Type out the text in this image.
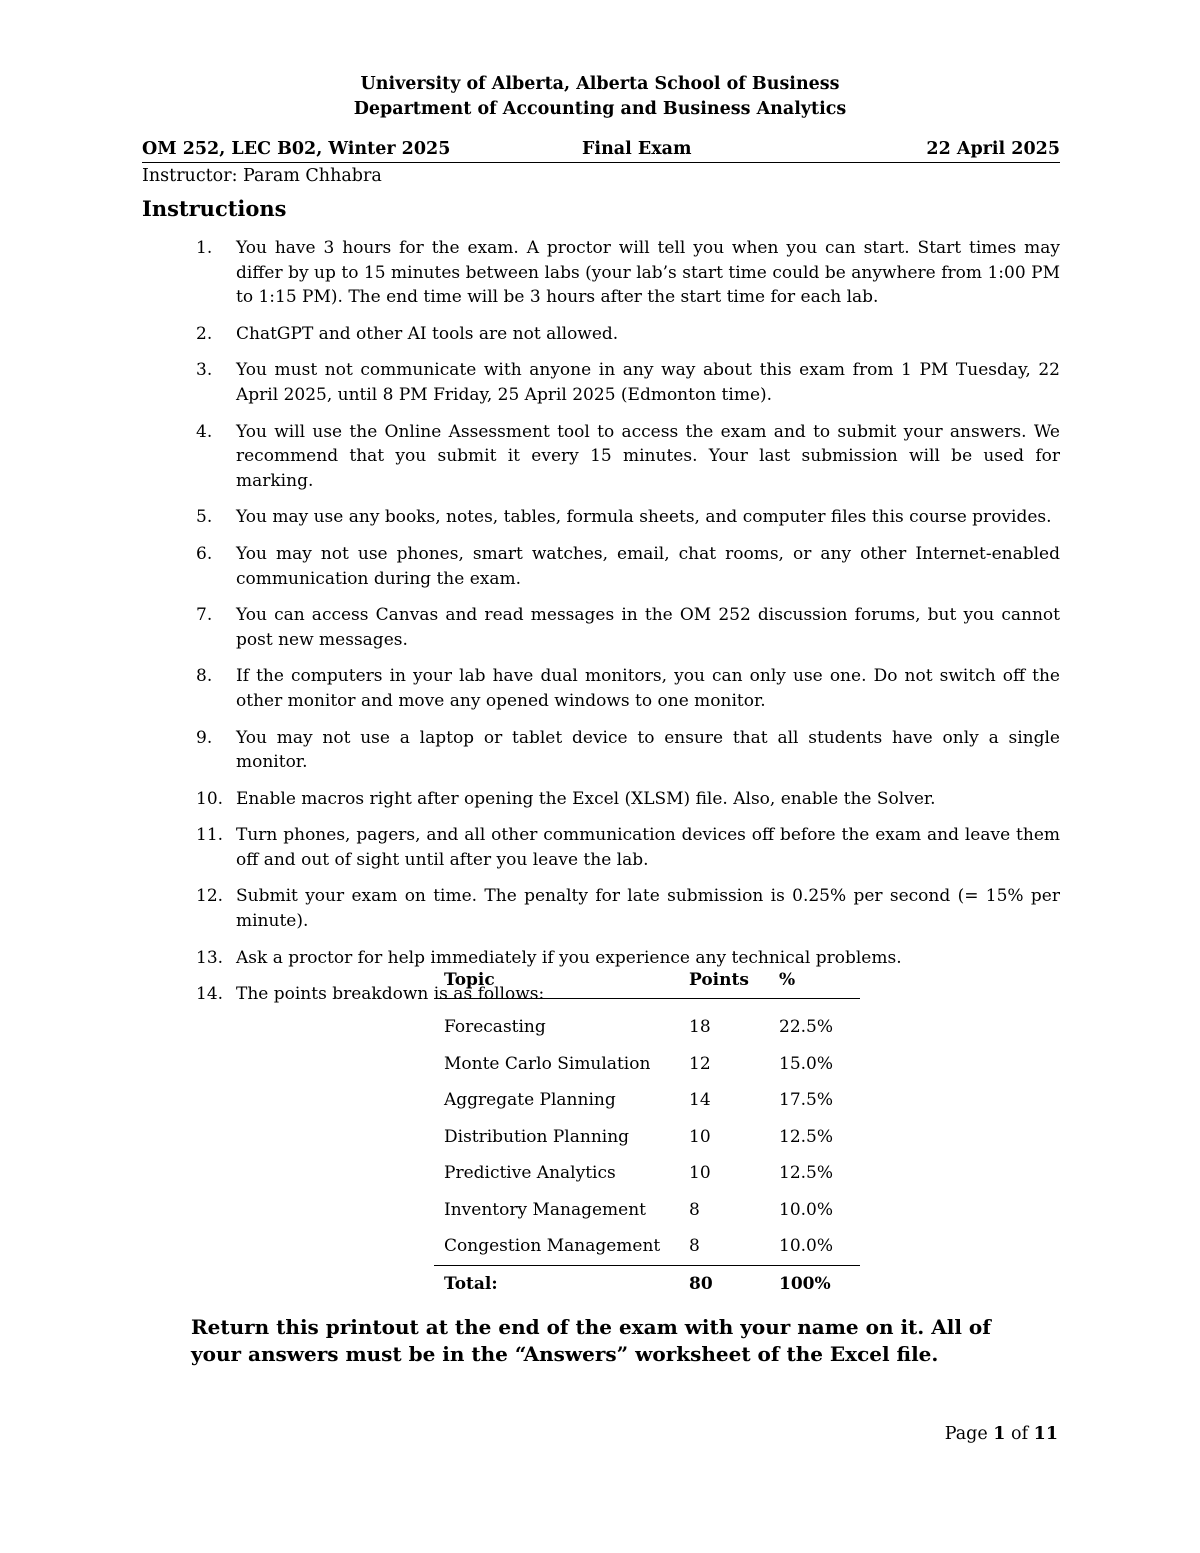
University of Alberta, Alberta School of Business
Department of Accounting and Business Analytics
OM 252, LEC B02, Winter 2025	Final Exam	22 April 2025
Instructor: Param Chhabra
Instructions
1. You have 3 hours for the exam. A proctor will tell you when you can start. Start times may differ by up to 15 minutes between labs (your lab’s start time could be anywhere from 1:00 PM to 1:15 PM). The end time will be 3 hours after the start time for each lab.
2. ChatGPT and other AI tools are not allowed.
3. You must not communicate with anyone in any way about this exam from 1 PM Tuesday, 22 April 2025, until 8 PM Friday, 25 April 2025 (Edmonton time).
4. You will use the Online Assessment tool to access the exam and to submit your answers. We recommend that you submit it every 15 minutes. Your last submission will be used for marking.
5. You may use any books, notes, tables, formula sheets, and computer files this course provides.
6. You may not use phones, smart watches, email, chat rooms, or any other Internet-enabled communication during the exam.
7. You can access Canvas and read messages in the OM 252 discussion forums, but you cannot post new messages.
8. If the computers in your lab have dual monitors, you can only use one. Do not switch off the other monitor and move any opened windows to one monitor.
9. You may not use a laptop or tablet device to ensure that all students have only a single monitor.
10. Enable macros right after opening the Excel (XLSM) file. Also, enable the Solver.
11. Turn phones, pagers, and all other communication devices off before the exam and leave them off and out of sight until after you leave the lab.
12. Submit your exam on time. The penalty for late submission is 0.25% per second (= 15% per minute).
13. Ask a proctor for help immediately if you experience any technical problems.
14. The points breakdown is as follows:
Topic	Points	%
Forecasting	18	22.5%
Monte Carlo Simulation	12	15.0%
Aggregate Planning	14	17.5%
Distribution Planning	10	12.5%
Predictive Analytics	10	12.5%
Inventory Management	8	10.0%
Congestion Management	8	10.0%
Total:	80	100%
Return this printout at the end of the exam with your name on it. All of your answers must be in the “Answers” worksheet of the Excel file.
Page 1 of 11
